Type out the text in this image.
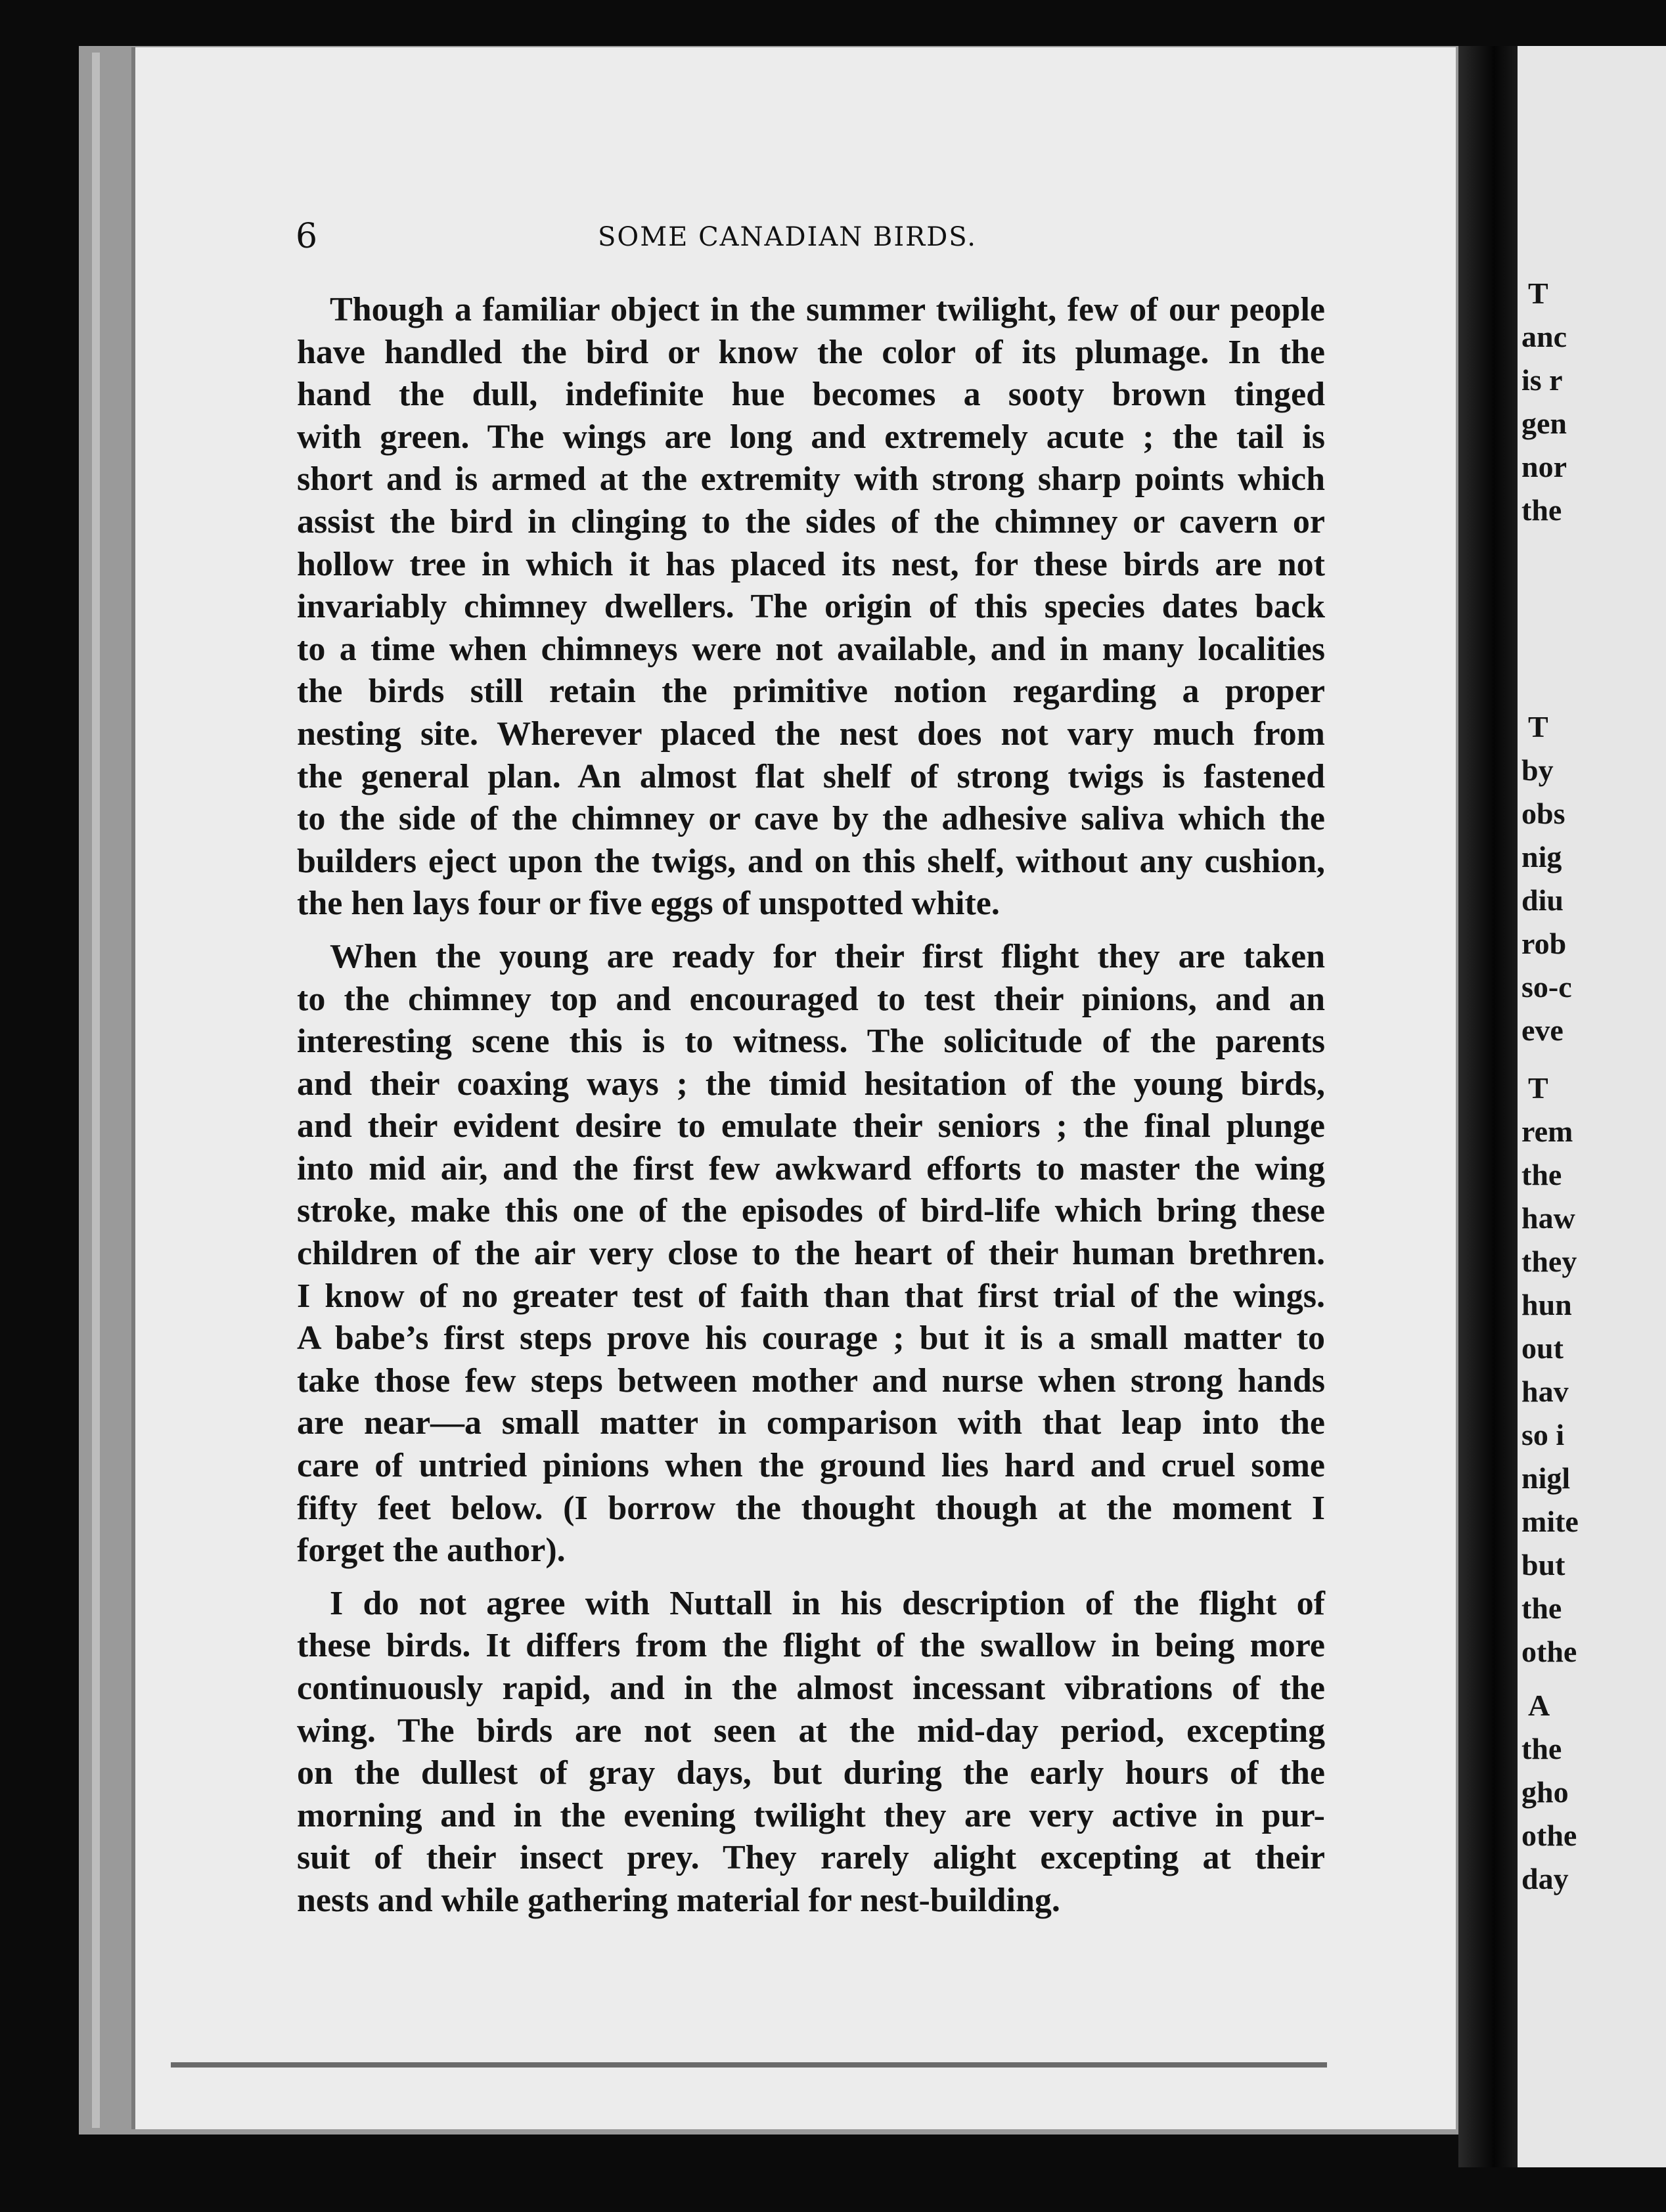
6	SOME CANADIAN BIRDS.
Though a familiar object in the summer twilight, few of our people
have handled the bird or know the color of its plumage. In the
hand the dull, indefinite hue becomes a sooty brown tinged
with green. The wings are long and extremely acute ; the tail is
short and is armed at the extremity with strong sharp points which
assist the bird in clinging to the sides of the chimney or cavern or
hollow tree in which it has placed its nest, for these birds are not
invariably chimney dwellers. The origin of this species dates back
to a time when chimneys were not available, and in many localities
the birds still retain the primitive notion regarding a proper
nesting site. Wherever placed the nest does not vary much from
the general plan. An almost flat shelf of strong twigs is fastened
to the side of the chimney or cave by the adhesive saliva which the
builders eject upon the twigs, and on this shelf, without any cushion,
the hen lays four or five eggs of unspotted white.
When the young are ready for their first flight they are taken
to the chimney top and encouraged to test their pinions, and an
interesting scene this is to witness. The solicitude of the parents
and their coaxing ways ; the timid hesitation of the young birds,
and their evident desire to emulate their seniors ; the final plunge
into mid air, and the first few awkward efforts to master the wing
stroke, make this one of the episodes of bird-life which bring these
children of the air very close to the heart of their human brethren.
I know of no greater test of faith than that first trial of the wings.
A babe’s first steps prove his courage ; but it is a small matter to
take those few steps between mother and nurse when strong hands
are near—a small matter in comparison with that leap into the
care of untried pinions when the ground lies hard and cruel some
fifty feet below. (I borrow the thought though at the moment I
forget the author).
I do not agree with Nuttall in his description of the flight of
these birds. It differs from the flight of the swallow in being more
continuously rapid, and in the almost incessant vibrations of the
wing. The birds are not seen at the mid-day period, excepting
on the dullest of gray days, but during the early hours of the
morning and in the evening twilight they are very active in pur-
suit of their insect prey. They rarely alight excepting at their
nests and while gathering material for nest-building.
T
anc
is r
gen
nor
the
T
by
obs
nig
diu
rob
so-c
eve
T
rem
the
haw
they
hun
out
hav
so i
nigl
mite
but
the
othe
A
the
gho
othe
day
